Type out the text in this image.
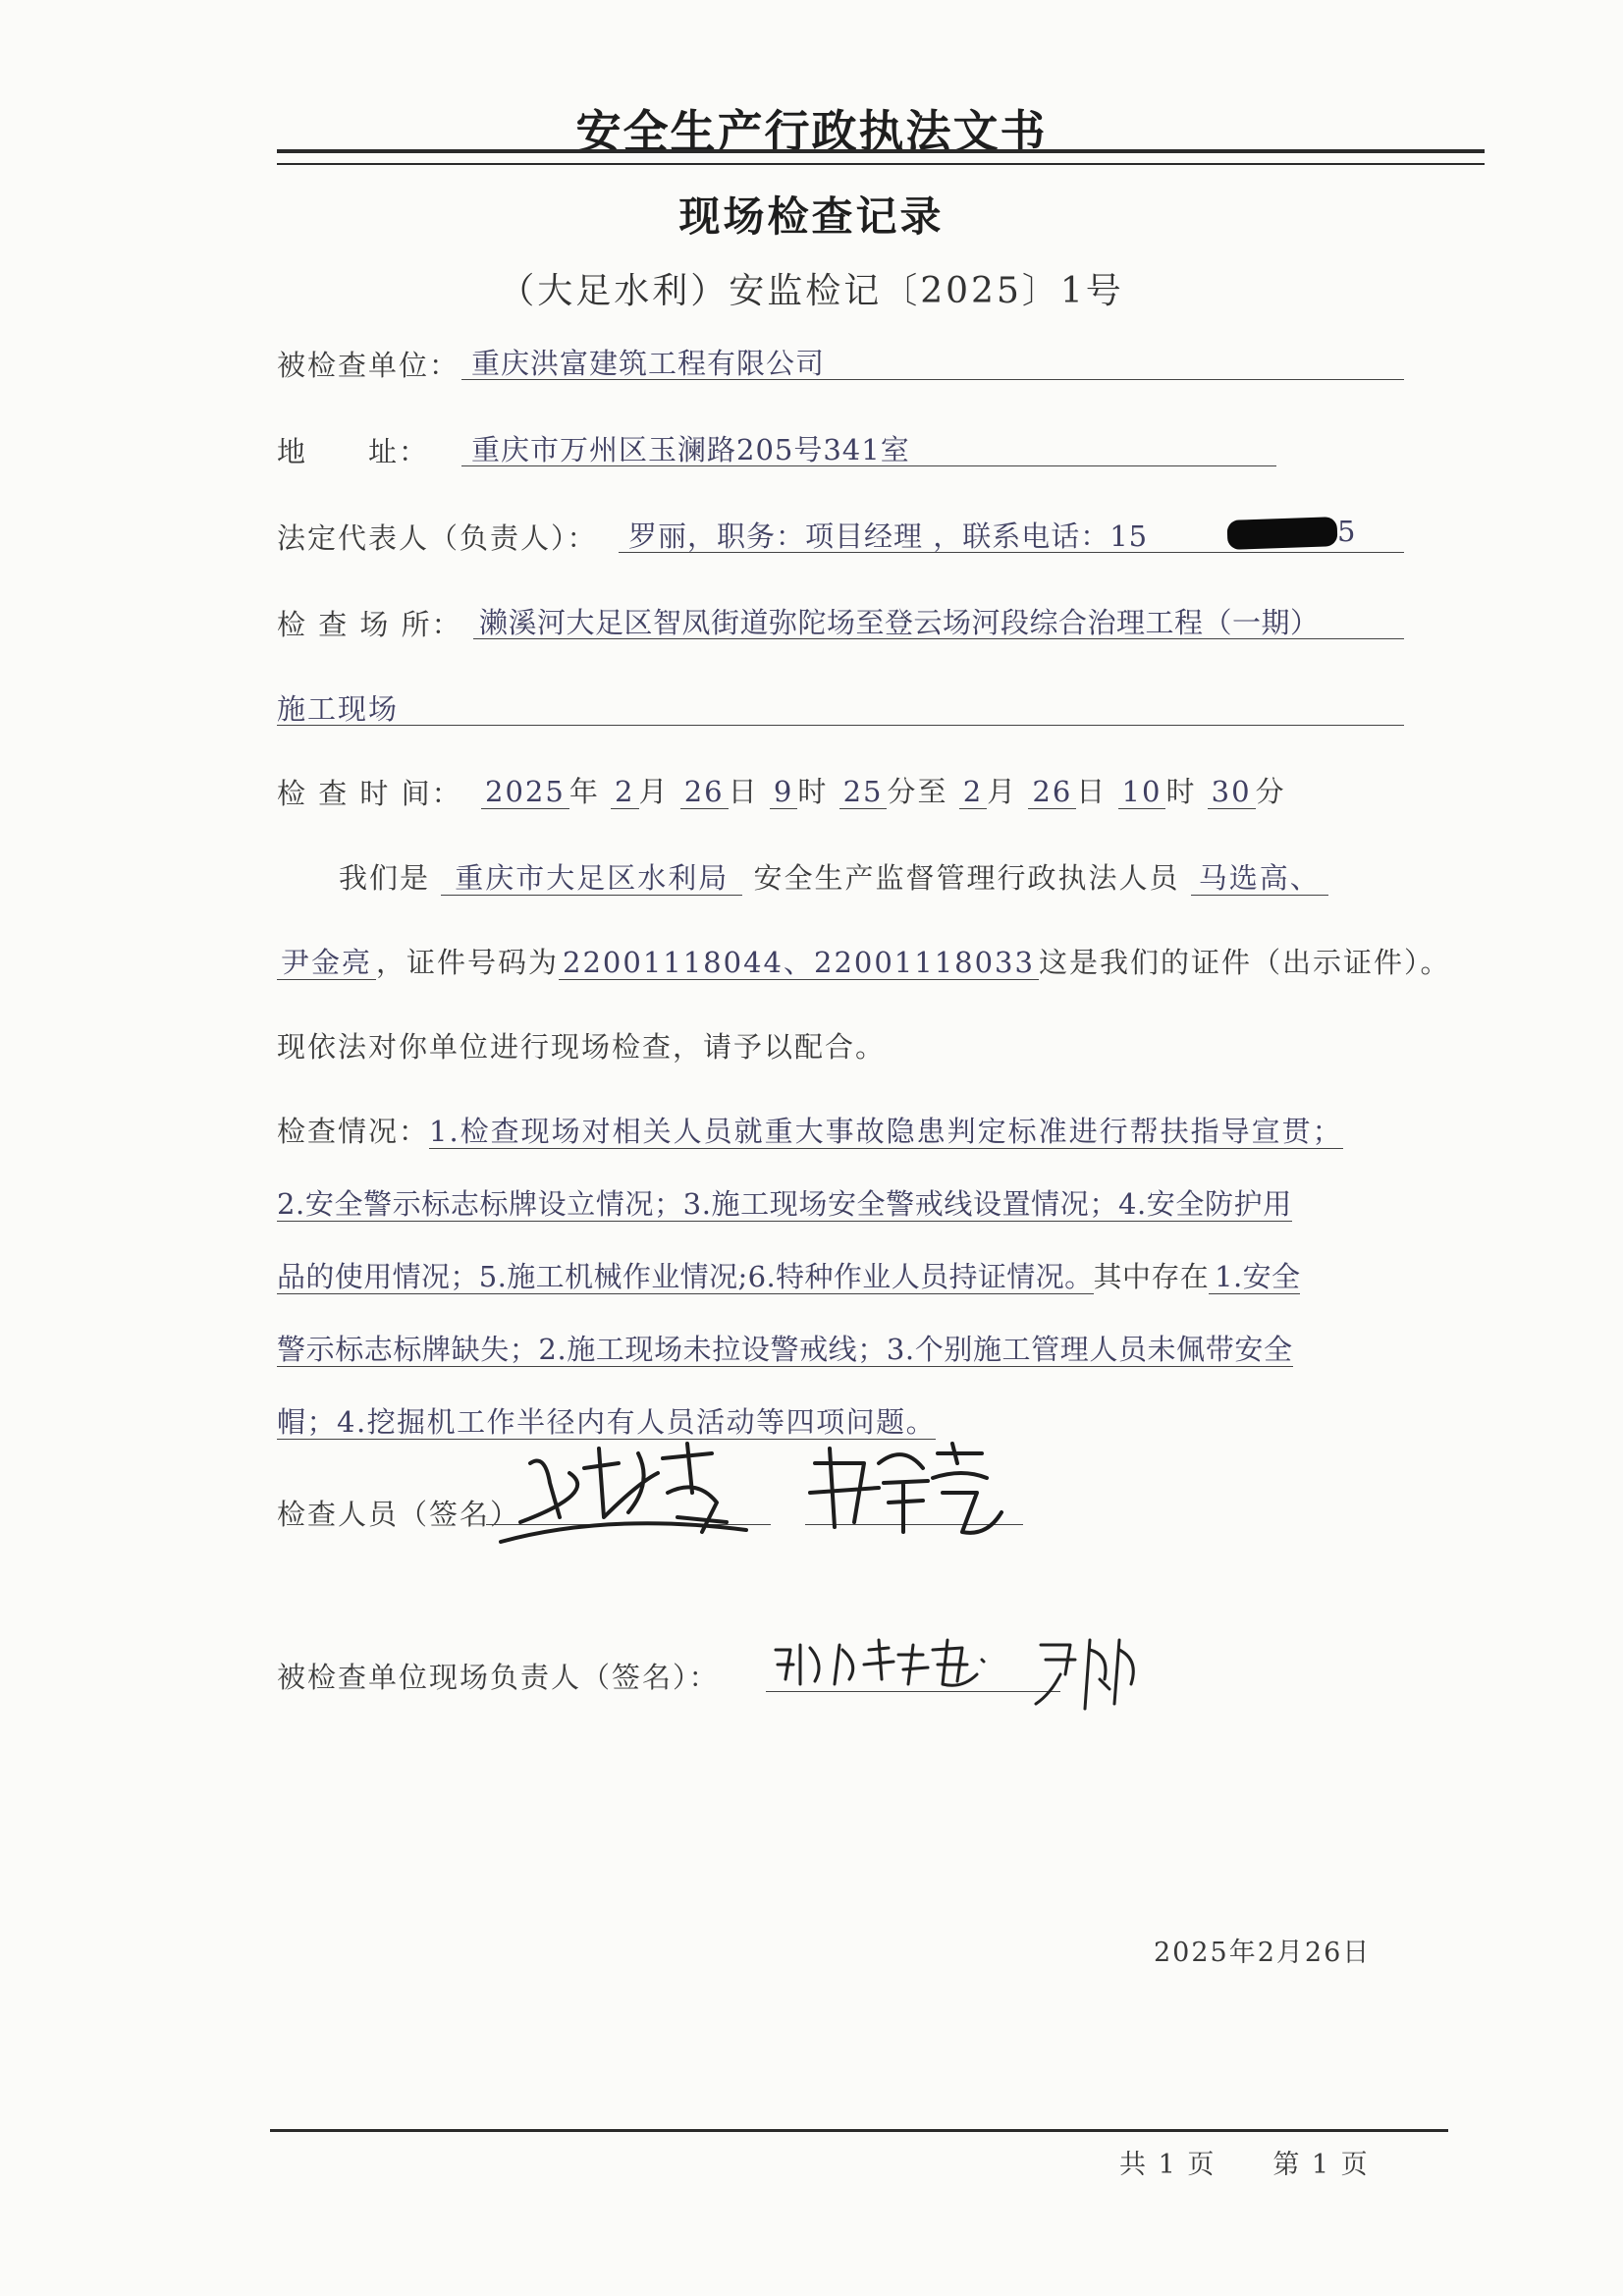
安全生产行政执法文书
现场检查记录
（大足水利）安监检记〔2025〕1号
被检查单位： 重庆洪富建筑工程有限公司
地　　址： 重庆市万州区玉澜路205号341室
法定代表人（负责人）： 罗丽，职务：项目经理 ，联系电话：15	5
检 查 场 所： 濑溪河大足区智凤街道弥陀场至登云场河段综合治理工程（一期）
施工现场
检 查 时 间： 2025 年 2 月 26 日 9 时 25 分至 2 月 26 日 10 时 30 分
我们是 重庆市大足区水利局 安全生产监督管理行政执法人员 马选高、
尹金亮 ，证件号码为 22001118044、22001118033 这是我们的证件（出示证件）。
现依法对你单位进行现场检查，请予以配合。
检查情况：1.检查现场对相关人员就重大事故隐患判定标准进行帮扶指导宣贯；
2.安全警示标志标牌设立情况；3.施工现场安全警戒线设置情况；4.安全防护用
品的使用情况；5.施工机械作业情况;6.特种作业人员持证情况。其中存在 1.安全
警示标志标牌缺失；2.施工现场未拉设警戒线；3.个别施工管理人员未佩带安全
帽；4.挖掘机工作半径内有人员活动等四项问题。
检查人员（签名）
被检查单位现场负责人（签名）：
2025年2月26日
共 1 页　　第 1 页
